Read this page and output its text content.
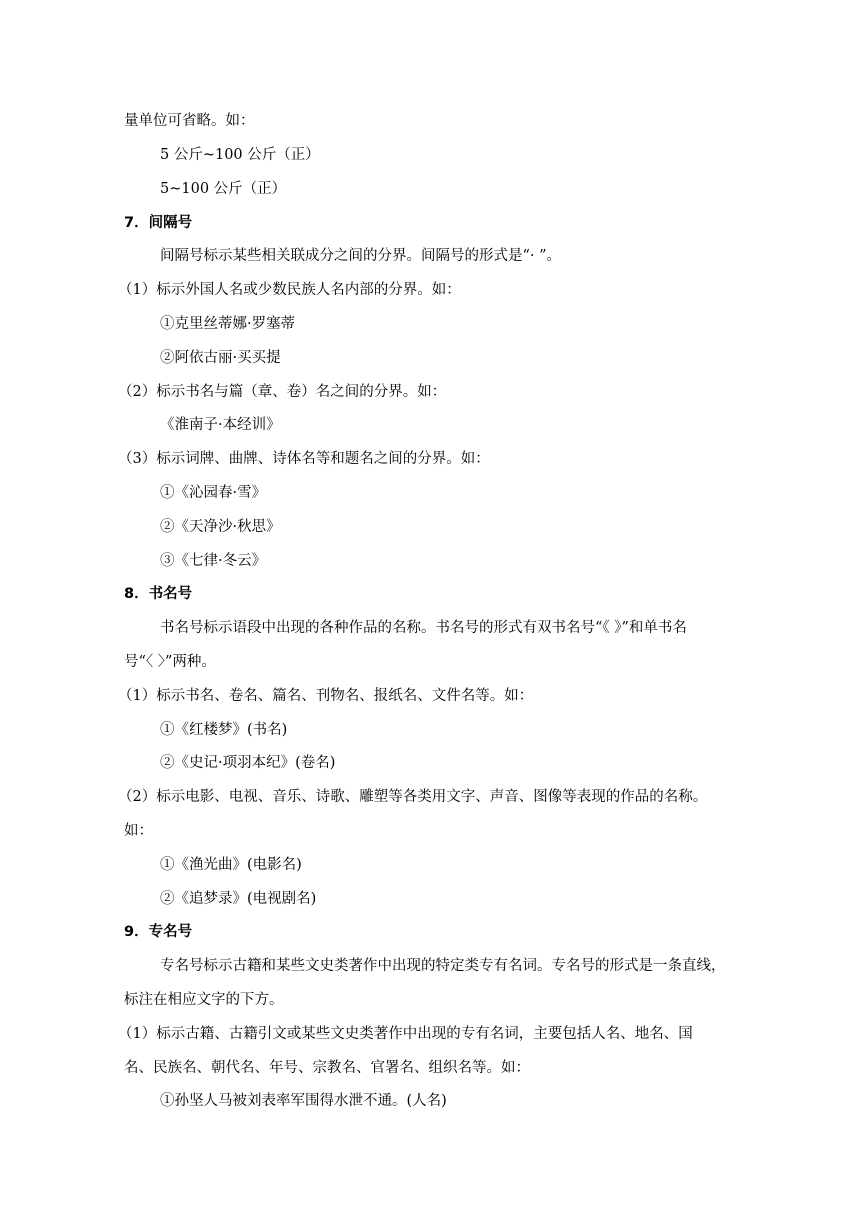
量单位可省略。如：
5 公斤~100 公斤（正）
5~100 公斤（正）
7．间隔号
间隔号标示某些相关联成分之间的分界。间隔号的形式是“· ”。
（1）标示外国人名或少数民族人名内部的分界。如：
①克里丝蒂娜·罗塞蒂
②阿依古丽·买买提
（2）标示书名与篇（章、卷）名之间的分界。如：
《淮南子·本经训》
（3）标示词牌、曲牌、诗体名等和题名之间的分界。如：
①《沁园春·雪》
②《天净沙·秋思》
③《七律·冬云》
8．书名号
书名号标示语段中出现的各种作品的名称。书名号的形式有双书名号“《 》”和单书名
号“〈 〉”两种。
（1）标示书名、卷名、篇名、刊物名、报纸名、文件名等。如：
①《红楼梦》(书名)
②《史记·项羽本纪》(卷名)
（2）标示电影、电视、音乐、诗歌、雕塑等各类用文字、声音、图像等表现的作品的名称。
如：
①《渔光曲》(电影名)
②《追梦录》(电视剧名)
9．专名号
专名号标示古籍和某些文史类著作中出现的特定类专有名词。专名号的形式是一条直线，
标注在相应文字的下方。
（1）标示古籍、古籍引文或某些文史类著作中出现的专有名词，主要包括人名、地名、国
名、民族名、朝代名、年号、宗教名、官署名、组织名等。如：
①孙坚人马被刘表率军围得水泄不通。(人名)
